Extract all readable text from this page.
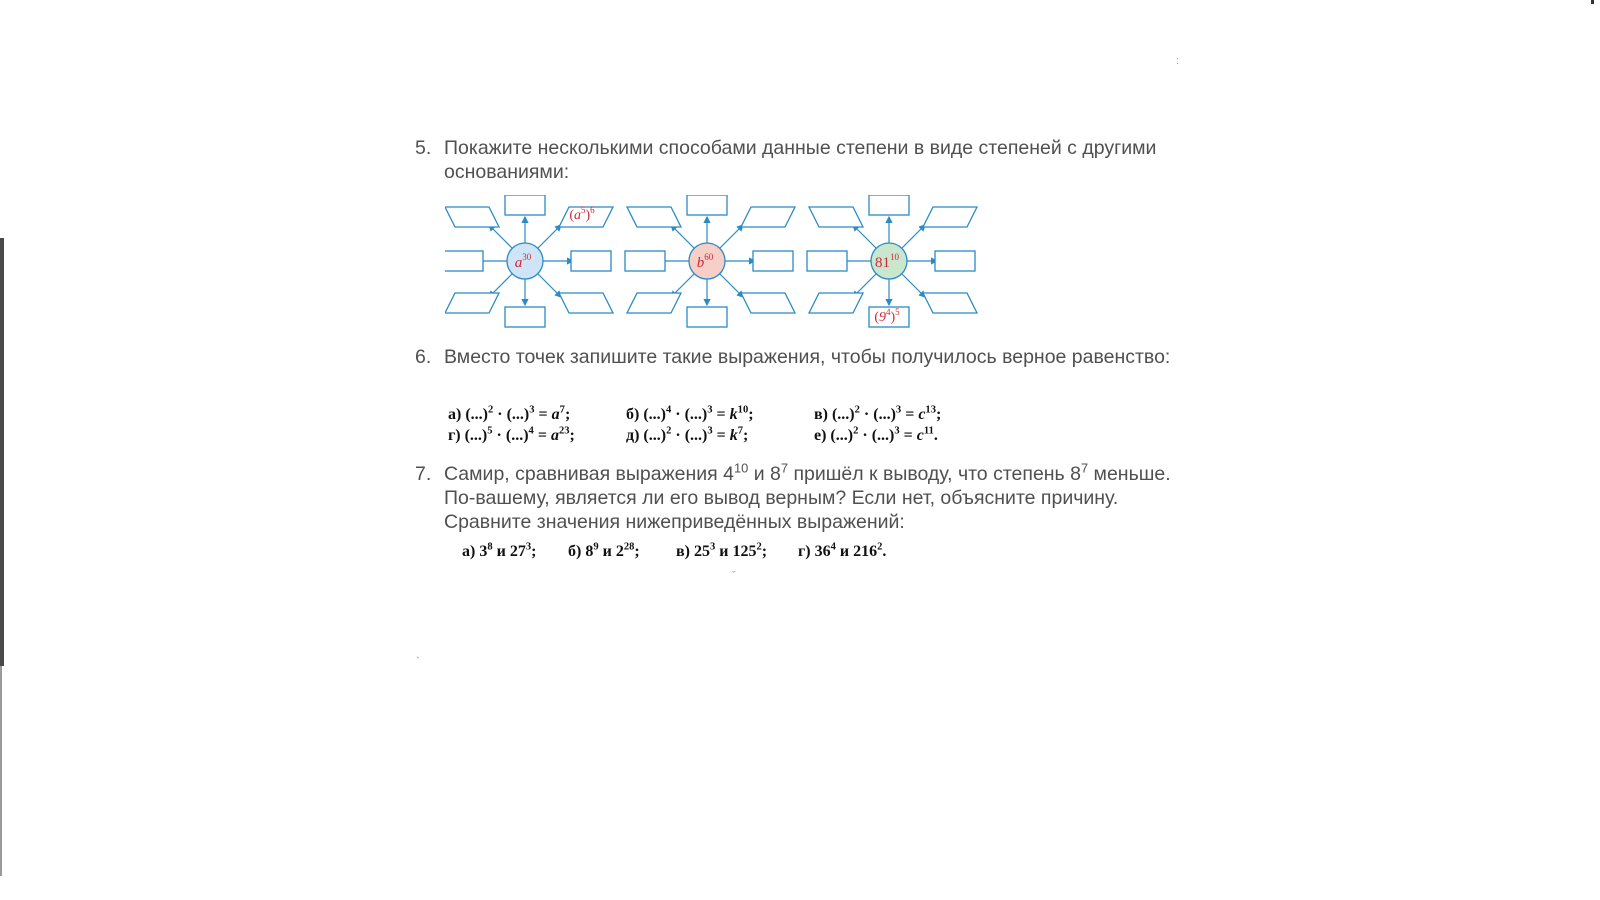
:
ˇ
ˎ
5. Покажите несколькими способами данные степени в виде степеней с другими основаниями:
$a^{30}$	$b^{60}$	$81^{10}$
$(a^5)^6$
$(9^4)^5$
6. Вместо точек запишите такие выражения, чтобы получилось верное равенство:
а) $(...)^2 \cdot (...)^3 = a^7$;	б) $(...)^4 \cdot (...)^3 = k^{10}$;	в) $(...)^2 \cdot (...)^3 = c^{13}$;
г) $(...)^5 \cdot (...)^4 = a^{23}$;	д) $(...)^2 \cdot (...)^3 = k^7$;	е) $(...)^2 \cdot (...)^3 = c^{11}$.
7. Самир, сравнивая выражения $4^{10}$ и $8^7$ пришёл к выводу, что степень $8^7$ меньше. По-вашему, является ли его вывод верным? Если нет, объясните причину. Сравните значения нижеприведённых выражений:
а) $3^8$ и $27^3$; б) $8^9$ и $2^{28}$; в) $25^3$ и $125^2$; г) $36^4$ и $216^2$.
